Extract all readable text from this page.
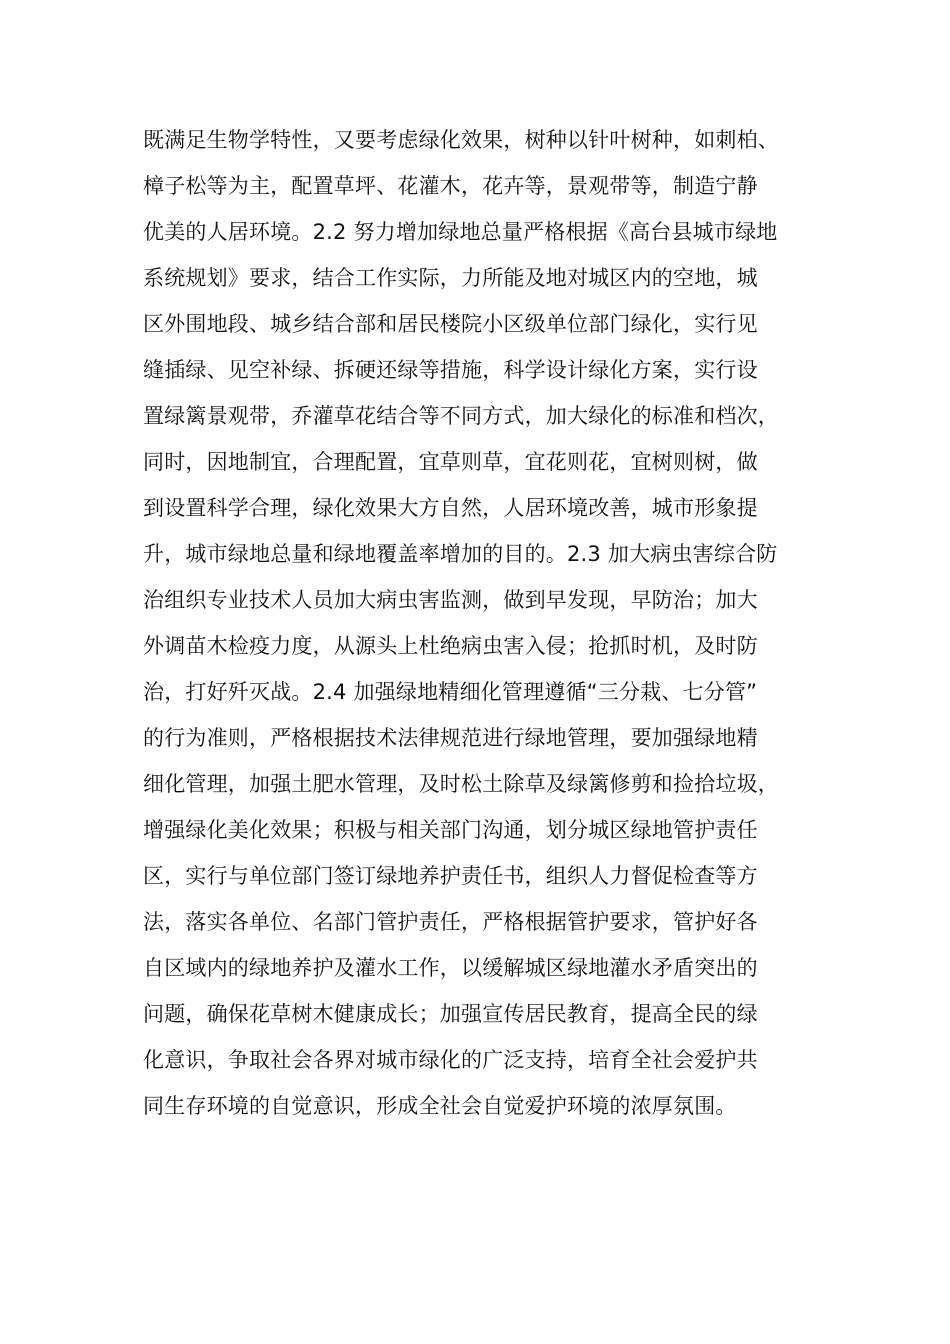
既满足生物学特性，又要考虑绿化效果，树种以针叶树种，如刺柏、
樟子松等为主，配置草坪、花灌木，花卉等，景观带等，制造宁静
优美的人居环境。2.2 努力增加绿地总量严格根据《高台县城市绿地
系统规划》要求，结合工作实际，力所能及地对城区内的空地，城
区外围地段、城乡结合部和居民楼院小区级单位部门绿化，实行见
缝插绿、见空补绿、拆硬还绿等措施，科学设计绿化方案，实行设
置绿篱景观带，乔灌草花结合等不同方式，加大绿化的标准和档次，
同时，因地制宜，合理配置，宜草则草，宜花则花，宜树则树，做
到设置科学合理，绿化效果大方自然，人居环境改善，城市形象提
升，城市绿地总量和绿地覆盖率增加的目的。2.3 加大病虫害综合防
治组织专业技术人员加大病虫害监测，做到早发现，早防治；加大
外调苗木检疫力度，从源头上杜绝病虫害入侵；抢抓时机，及时防
治，打好歼灭战。2.4 加强绿地精细化管理遵循“三分栽、七分管”
的行为准则，严格根据技术法律规范进行绿地管理，要加强绿地精
细化管理，加强土肥水管理，及时松土除草及绿篱修剪和捡拾垃圾，
增强绿化美化效果；积极与相关部门沟通，划分城区绿地管护责任
区，实行与单位部门签订绿地养护责任书，组织人力督促检查等方
法，落实各单位、名部门管护责任，严格根据管护要求，管护好各
自区域内的绿地养护及灌水工作，以缓解城区绿地灌水矛盾突出的
问题，确保花草树木健康成长；加强宣传居民教育，提高全民的绿
化意识，争取社会各界对城市绿化的广泛支持，培育全社会爱护共
同生存环境的自觉意识，形成全社会自觉爱护环境的浓厚氛围。
